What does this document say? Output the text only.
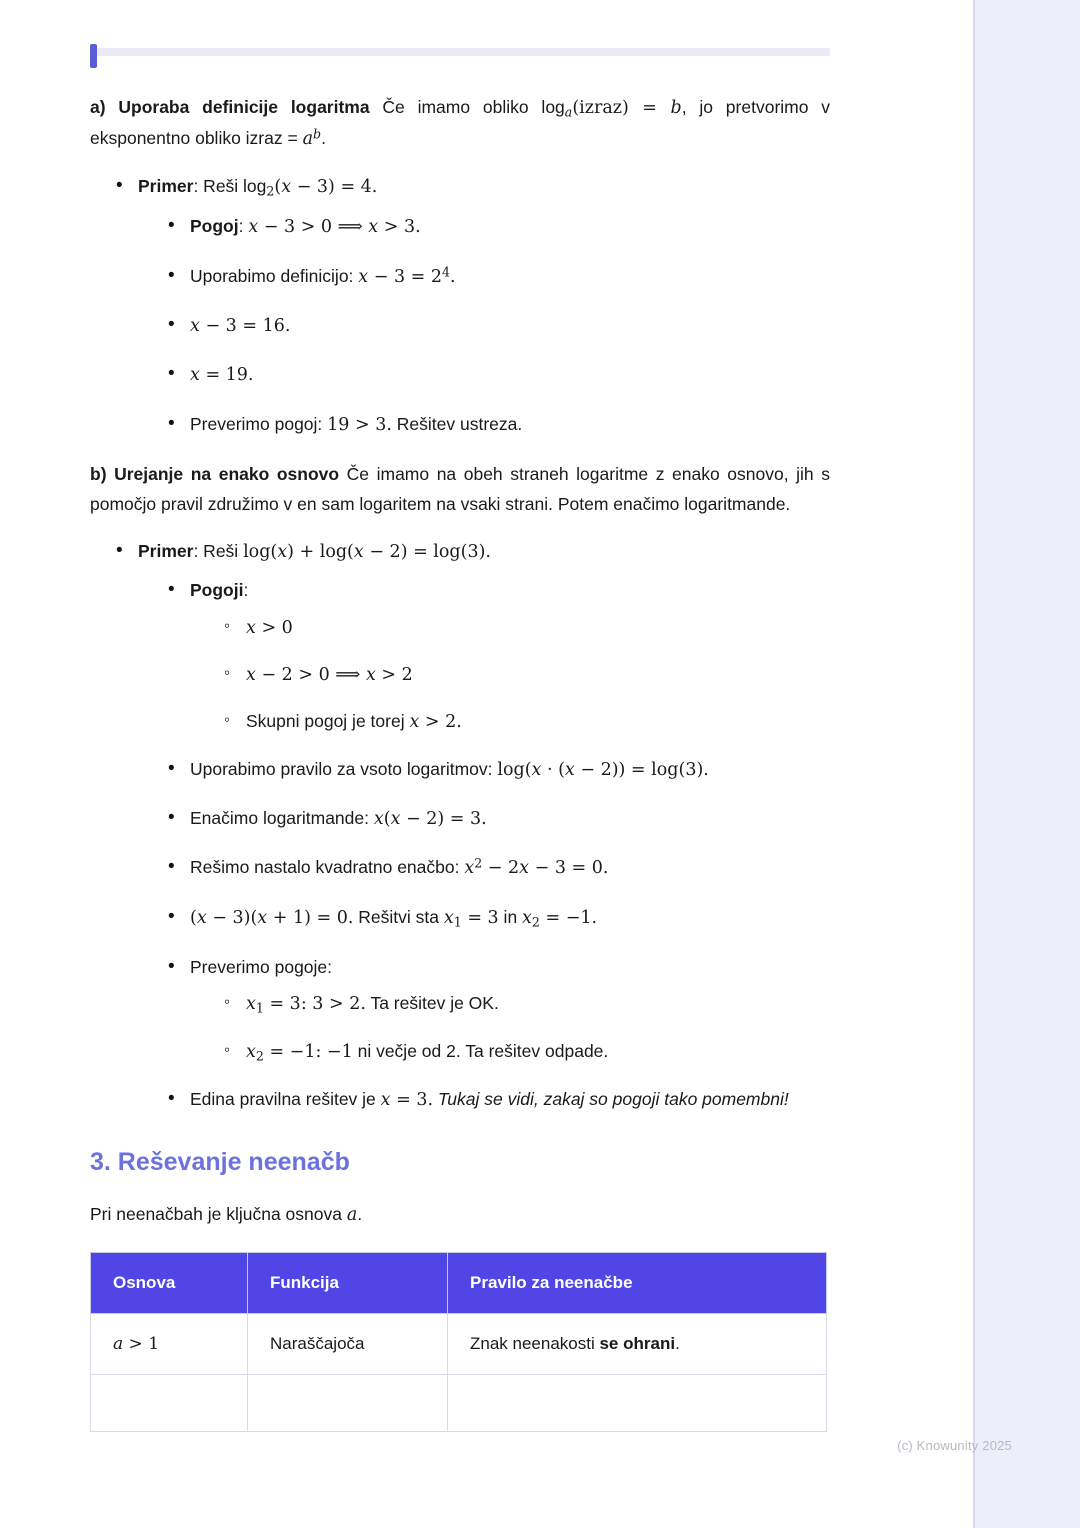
(c) Knowunity 2025

a) Uporaba definicije logaritma Če imamo obliko $\log_a(izraz) = b$, jo pretvorimo v eksponentno obliko izraz = $a^b$.

• Primer: Reši $\log_2(x - 3) = 4$.
• Pogoj: x − 3 > 0 ⟹ x > 3.
• Uporabimo definicijo: $x - 3 = 2^4$.
• x − 3 = 16.
• x = 19.
• Preverimo pogoj: 19 > 3. Rešitev ustreza.

b) Urejanje na enako osnovo Če imamo na obeh straneh logaritme z enako osnovo, jih s pomočjo pravil združimo v en sam logaritem na vsaki strani. Potem enačimo logaritmande.

• Primer: Reši log(x) + log(x − 2) = log(3).
• Pogoji:
◦ x > 0
◦ x − 2 > 0 ⟹ x > 2
◦ Skupni pogoj je torej x > 2.
• Uporabimo pravilo za vsoto logaritmov: log(x · (x − 2)) = log(3).
• Enačimo logaritmande: x(x − 2) = 3.
• Rešimo nastalo kvadratno enačbo: $x^2 - 2x - 3 = 0$.
• (x − 3)(x + 1) = 0. Rešitvi sta $x_1 = 3$ in $x_2 = -1$.
• Preverimo pogoje:
◦ $x_1 = 3$: 3 > 2. Ta rešitev je OK.
◦ $x_2 = -1$: −1 ni večje od 2. Ta rešitev odpade.
• Edina pravilna rešitev je x = 3. Tukaj se vidi, zakaj so pogoji tako pomembni!
3. Reševanje neenačb

Pri neenačbah je ključna osnova a.

Osnova	Funkcija	Pravilo za neenačbe
a > 1	Naraščajoča	Znak neenakosti se ohrani.
